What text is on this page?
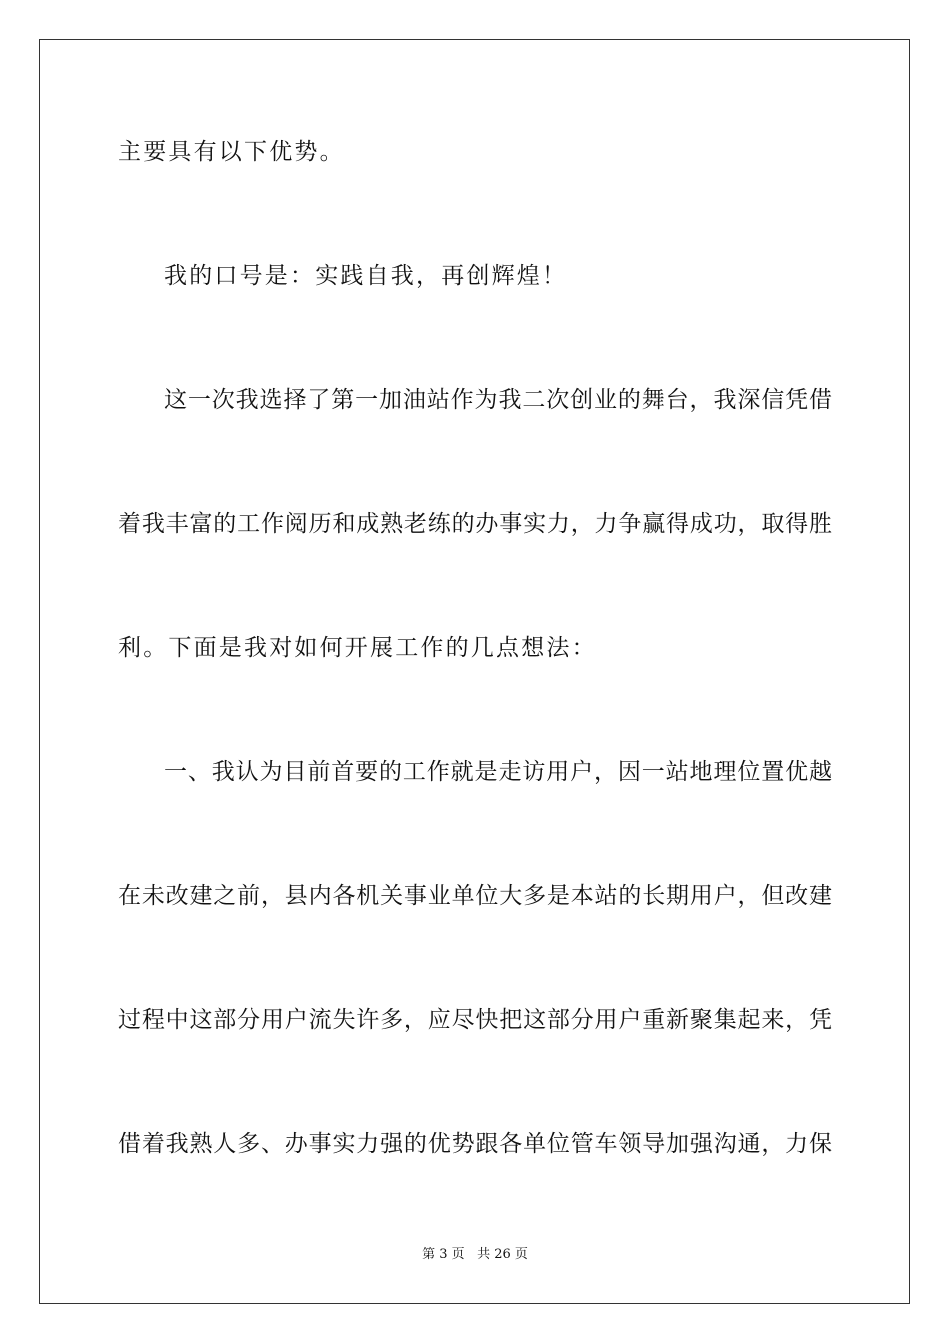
主要具有以下优势。
我的口号是：实践自我，再创辉煌！
这一次我选择了第一加油站作为我二次创业的舞台，我深信凭借
着我丰富的工作阅历和成熟老练的办事实力，力争赢得成功，取得胜
利。下面是我对如何开展工作的几点想法：
一、我认为目前首要的工作就是走访用户，因一站地理位置优越
在未改建之前，县内各机关事业单位大多是本站的长期用户，但改建
过程中这部分用户流失许多，应尽快把这部分用户重新聚集起来，凭
借着我熟人多、办事实力强的优势跟各单位管车领导加强沟通，力保
第 3 页 共 26 页
